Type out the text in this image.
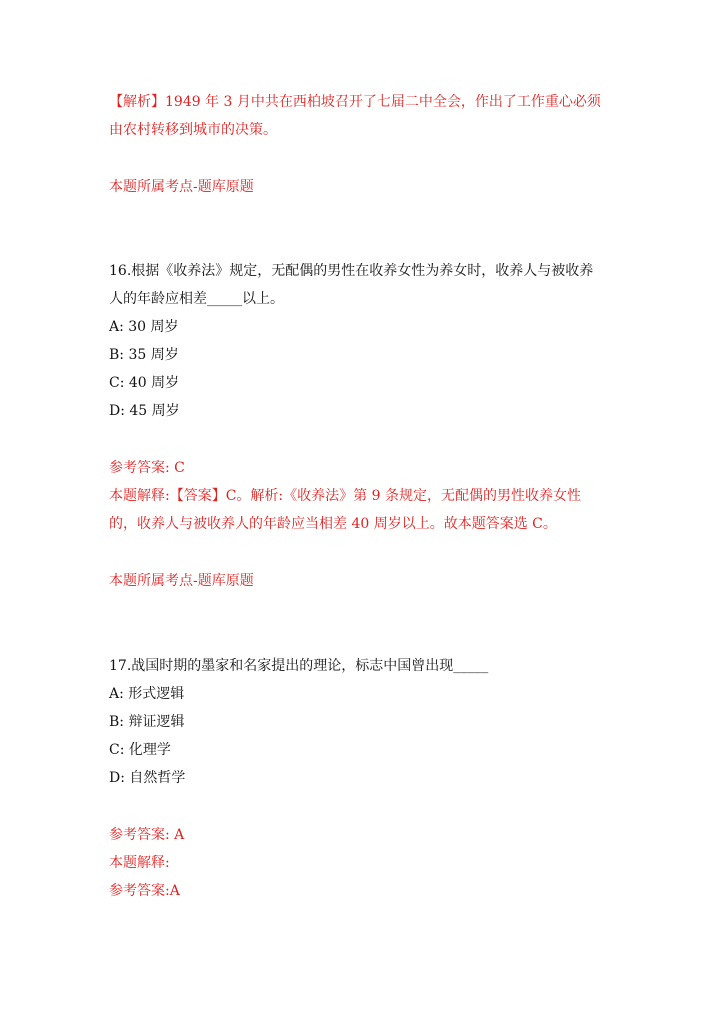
【解析】1949 年 3 月中共在西柏坡召开了七届二中全会，作出了工作重心必须
由农村转移到城市的决策。
本题所属考点-题库原题
16.根据《收养法》规定，无配偶的男性在收养女性为养女时，收养人与被收养
人的年龄应相差_____以上。
A: 30 周岁
B: 35 周岁
C: 40 周岁
D: 45 周岁
参考答案: C
本题解释:【答案】C。解析:《收养法》第 9 条规定，无配偶的男性收养女性
的，收养人与被收养人的年龄应当相差 40 周岁以上。故本题答案选 C。
本题所属考点-题库原题
17.战国时期的墨家和名家提出的理论，标志中国曾出现_____
A: 形式逻辑
B: 辩证逻辑
C: 化理学
D: 自然哲学
参考答案: A
本题解释:
参考答案:A
